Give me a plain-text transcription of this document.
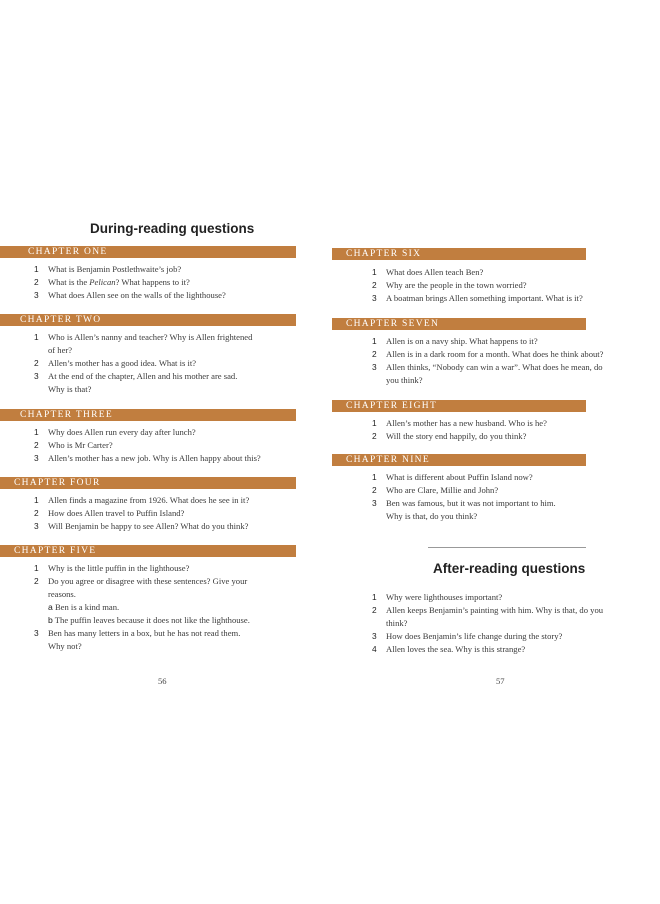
During-reading questions
CHAPTER ONE
1	What is Benjamin Postlethwaite’s job?
2	What is the Pelican? What happens to it?
3	What does Allen see on the walls of the lighthouse?
CHAPTER TWO
1	Who is Allen’s nanny and teacher? Why is Allen frightened
of her?
2	Allen’s mother has a good idea. What is it?
3	At the end of the chapter, Allen and his mother are sad.
Why is that?
CHAPTER THREE
1	Why does Allen run every day after lunch?
2	Who is Mr Carter?
3	Allen’s mother has a new job. Why is Allen happy about this?
CHAPTER FOUR
1	Allen finds a magazine from 1926. What does he see in it?
2	How does Allen travel to Puffin Island?
3	Will Benjamin be happy to see Allen? What do you think?
CHAPTER FIVE
1	Why is the little puffin in the lighthouse?
2	Do you agree or disagree with these sentences? Give your
reasons.
a Ben is a kind man.
b The puffin leaves because it does not like the lighthouse.
3	Ben has many letters in a box, but he has not read them.
Why not?
56
CHAPTER SIX
1	What does Allen teach Ben?
2	Why are the people in the town worried?
3	A boatman brings Allen something important. What is it?
CHAPTER SEVEN
1	Allen is on a navy ship. What happens to it?
2	Allen is in a dark room for a month. What does he think about?
3	Allen thinks, “Nobody can win a war”. What does he mean, do
you think?
CHAPTER EIGHT
1	Allen’s mother has a new husband. Who is he?
2	Will the story end happily, do you think?
CHAPTER NINE
1	What is different about Puffin Island now?
2	Who are Clare, Millie and John?
3	Ben was famous, but it was not important to him.
Why is that, do you think?
After-reading questions
1	Why were lighthouses important?
2	Allen keeps Benjamin’s painting with him. Why is that, do you
think?
3	How does Benjamin’s life change during the story?
4	Allen loves the sea. Why is this strange?
57
